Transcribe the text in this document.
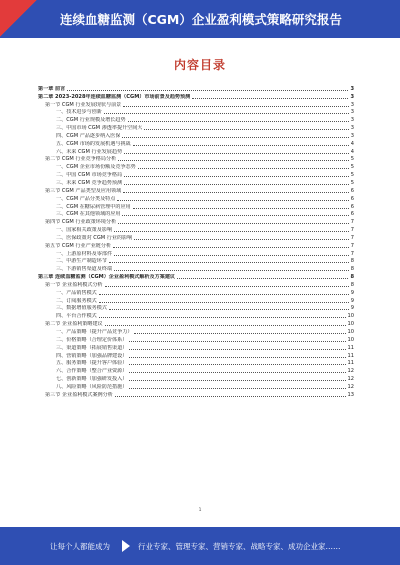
连续血糖监测（CGM）企业盈利模式策略研究报告
内容目录
第一章 前言	3
第二章 2023-2028年连续血糖监测（CGM）市场前景及趋势预测	3
第一节 CGM 行业发展现状与前景	3
一、技术进步与创新	3
二、CGM 行业规模及增长趋势	3
三、中国市场 CGM 渗透率提升空间大	3
四、CGM 产品逐步纳入医保	3
五、CGM 市场的发展机遇与挑战	4
六、未来 CGM 行业发展趋势	4
第二节 CGM 行业竞争格局分析	5
一、CGM 企业市场份额及竞争态势	5
二、中国 CGM 市场竞争格局	5
三、未来 CGM 竞争趋势预测	5
第三节 CGM 产品类型及应用领域	6
一、CGM 产品分类及特点	6
二、CGM 在糖尿病管理中的应用	6
三、CGM 在其他领域的应用	6
第四节 CGM 行业政策环境分析	7
一、国家相关政策及影响	7
二、医保政策对 CGM 行业的影响	7
第五节 CGM 行业产业链分析	7
一、上游原材料及零部件	7
二、中游生产制造环节	8
三、下游销售渠道及终端	8
第三章 连续血糖监测（CGM）企业盈利模式解析及方案建议	8
第一节 企业盈利模式分析	8
一、产品销售模式	9
二、订阅服务模式	9
三、数据增值服务模式	9
四、平台合作模式	10
第二节 企业盈利策略建议	10
一、产品策略（提升产品竞争力）	10
二、价格策略（合理定价体系）	10
三、渠道策略（拓展销售渠道）	11
四、营销策略（加强品牌建设）	11
五、服务策略（提升客户体验）	11
六、合作策略（整合产业资源）	12
七、创新策略（加强研发投入）	12
八、风险策略（风险防范措施）	12
第三节 企业盈利模式案例分析	13
1
让每个人都能成为	行业专家、管理专家、营销专家、战略专家、成功企业家……
